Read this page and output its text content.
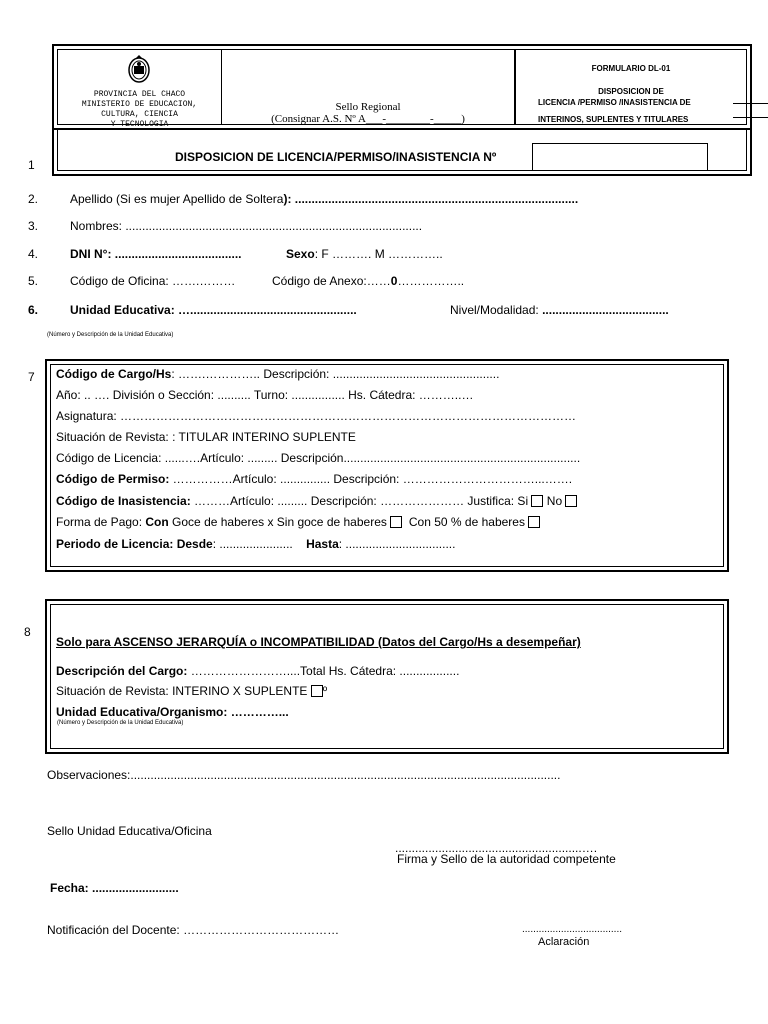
PROVINCIA DEL CHACO
MINISTERIO DE EDUCACION,
CULTURA, CIENCIA
Y TECNOLOGIA
Sello Regional
(Consignar A.S. Nº A___-________-_____)
FORMULARIO DL-01
DISPOSICION DE
LICENCIA /PERMISO /INASISTENCIA DE
INTERINOS, SUPLENTES Y TITULARES
1
DISPOSICION DE LICENCIA/PERMISO/INASISTENCIA Nº
2.	Apellido (Si es mujer Apellido de Soltera): .....................................................................................
3.	Nombres: .........................................................................................
4.	DNI N°: ......................................	Sexo: F ………. M …………..
5.	Código de Oficina: …….………	Código de Anexo:……0……………..
6.	Unidad Educativa: …..................................................	Nivel/Modalidad: ......................................
(Número y Descripción de la Unidad Educativa)
7 Código de Cargo/Hs: …….………….. Descripción: ..................................................
Año: .. …. División o Sección: .......... Turno: ................ Hs. Cátedra: ………..…
Asignatura: ……………………………………………………………………………………………………
Situación de Revista: : TITULAR INTERINO SUPLENTE
Código de Licencia: ......….Artículo: ......... Descripción.......................................................................
Código de Permiso: ……………Artículo: ............... Descripción: ……………………………...…….
Código de Inasistencia: ………Artículo: ......... Descripción: ………………… Justifica: Si No
Forma de Pago: Con Goce de haberes x Sin goce de haberes Con 50 % de haberes
Periodo de Licencia: Desde: ...................... Hasta: .................................
8
Solo para ASCENSO JERARQUÍA o INCOMPATIBILIDAD (Datos del Cargo/Hs a desempeñar)
Descripción del Cargo: ……………………....Total Hs. Cátedra: ..................
Situación de Revista: INTERINO X SUPLENTE º
Unidad Educativa/Organismo: …………...
(Número y Descripción de la Unidad Educativa)
Observaciones:.................................................................................................................................
Sello Unidad Educativa/Oficina
........................................................….
Firma y Sello de la autoridad competente
Fecha: ..........................
Notificación del Docente: …………………………………	....................................
Aclaración
